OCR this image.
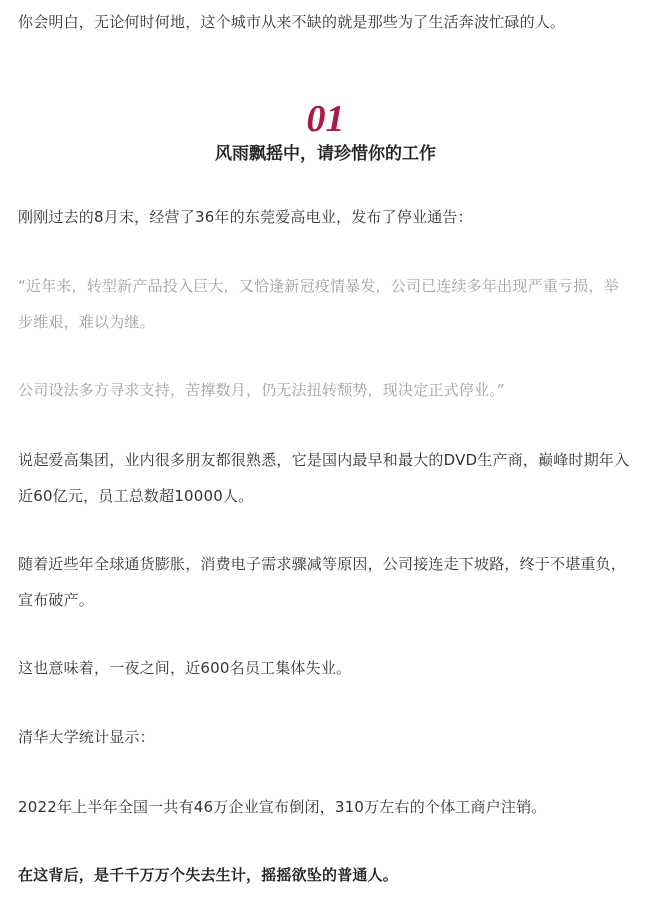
你会明白，无论何时何地，这个城市从来不缺的就是那些为了生活奔波忙碌的人。

01
风雨飘摇中，请珍惜你的工作

刚刚过去的8月末，经营了36年的东莞爱高电业，发布了停业通告：

“近年来，转型新产品投入巨大，又恰逢新冠疫情暴发，公司已连续多年出现严重亏损，举步维艰，难以为继。

公司设法多方寻求支持，苦撑数月，仍无法扭转颓势，现决定正式停业。”

说起爱高集团，业内很多朋友都很熟悉，它是国内最早和最大的DVD生产商，巅峰时期年入近60亿元，员工总数超10000人。

随着近些年全球通货膨胀，消费电子需求骤减等原因，公司接连走下坡路，终于不堪重负，宣布破产。

这也意味着，一夜之间，近600名员工集体失业。

清华大学统计显示：

2022年上半年全国一共有46万企业宣布倒闭，310万左右的个体工商户注销。

在这背后，是千千万万个失去生计，摇摇欲坠的普通人。
